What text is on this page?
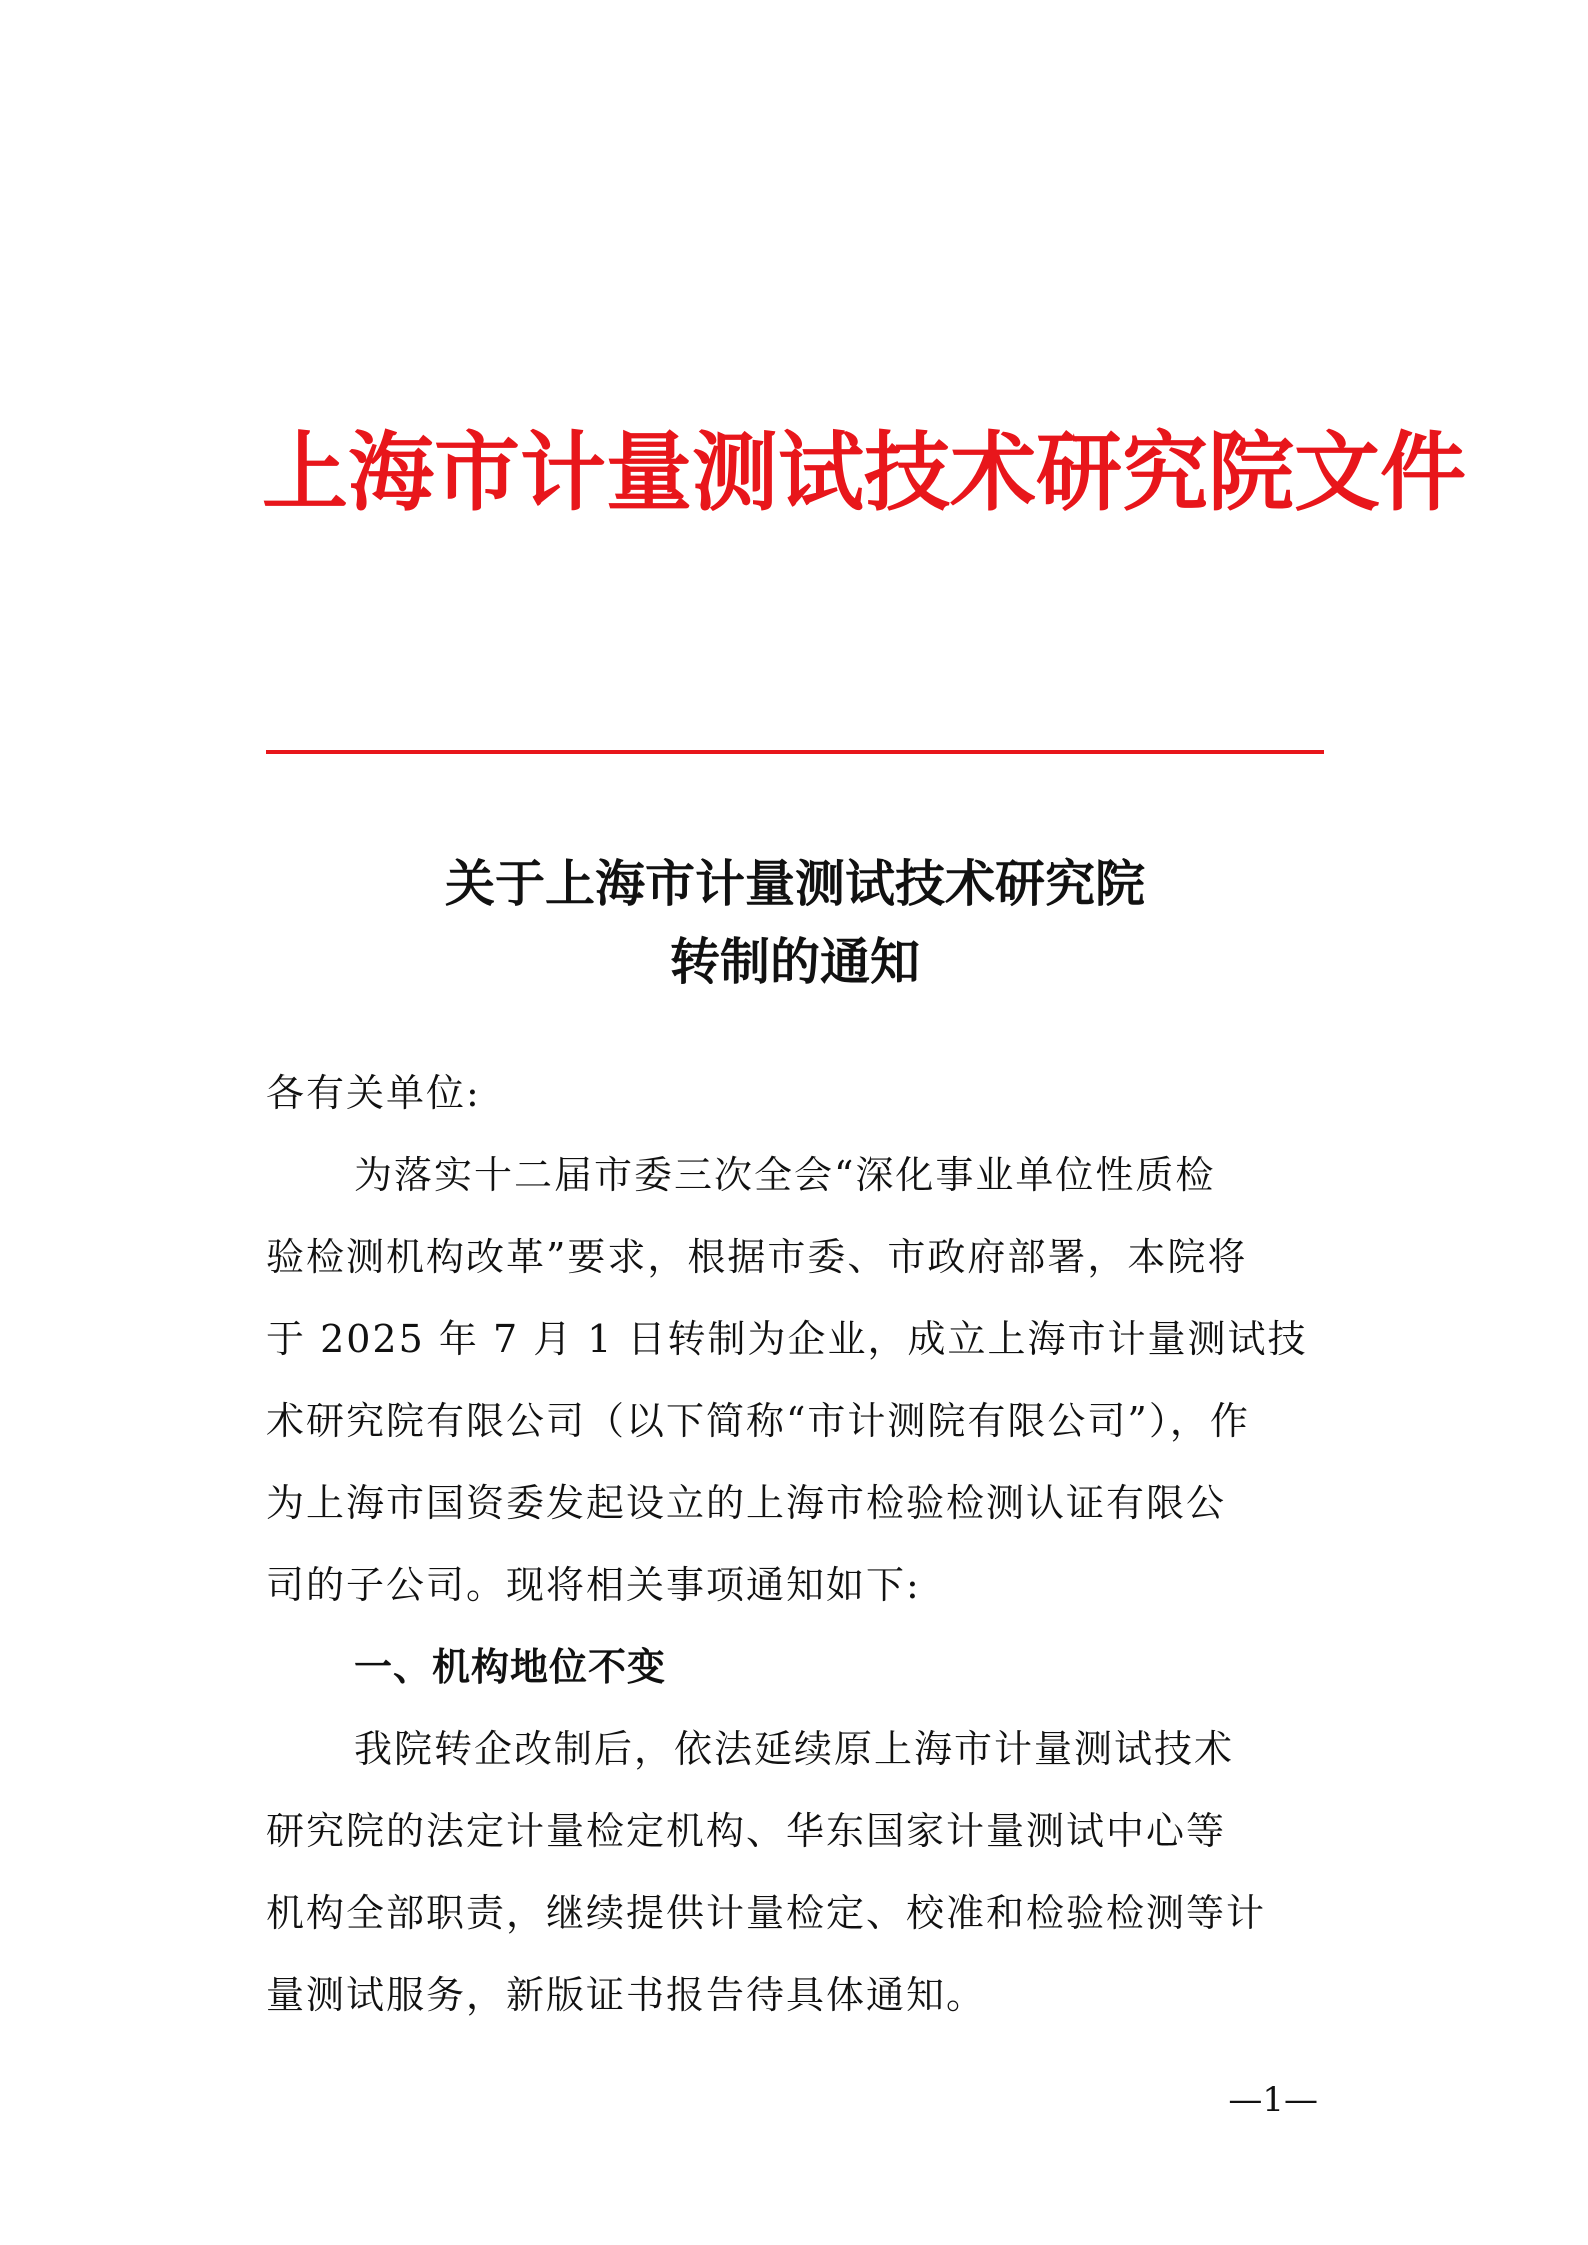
上海市计量测试技术研究院文件
关于上海市计量测试技术研究院
转制的通知
各有关单位:
为落实十二届市委三次全会“深化事业单位性质检
验检测机构改革”要求，根据市委、市政府部署，本院将
于 2025 年 7 月 1 日转制为企业，成立上海市计量测试技
术研究院有限公司（以下简称“市计测院有限公司”），作
为上海市国资委发起设立的上海市检验检测认证有限公
司的子公司。现将相关事项通知如下:
一、机构地位不变
我院转企改制后，依法延续原上海市计量测试技术
研究院的法定计量检定机构、华东国家计量测试中心等
机构全部职责，继续提供计量检定、校准和检验检测等计
量测试服务，新版证书报告待具体通知。
—1—
